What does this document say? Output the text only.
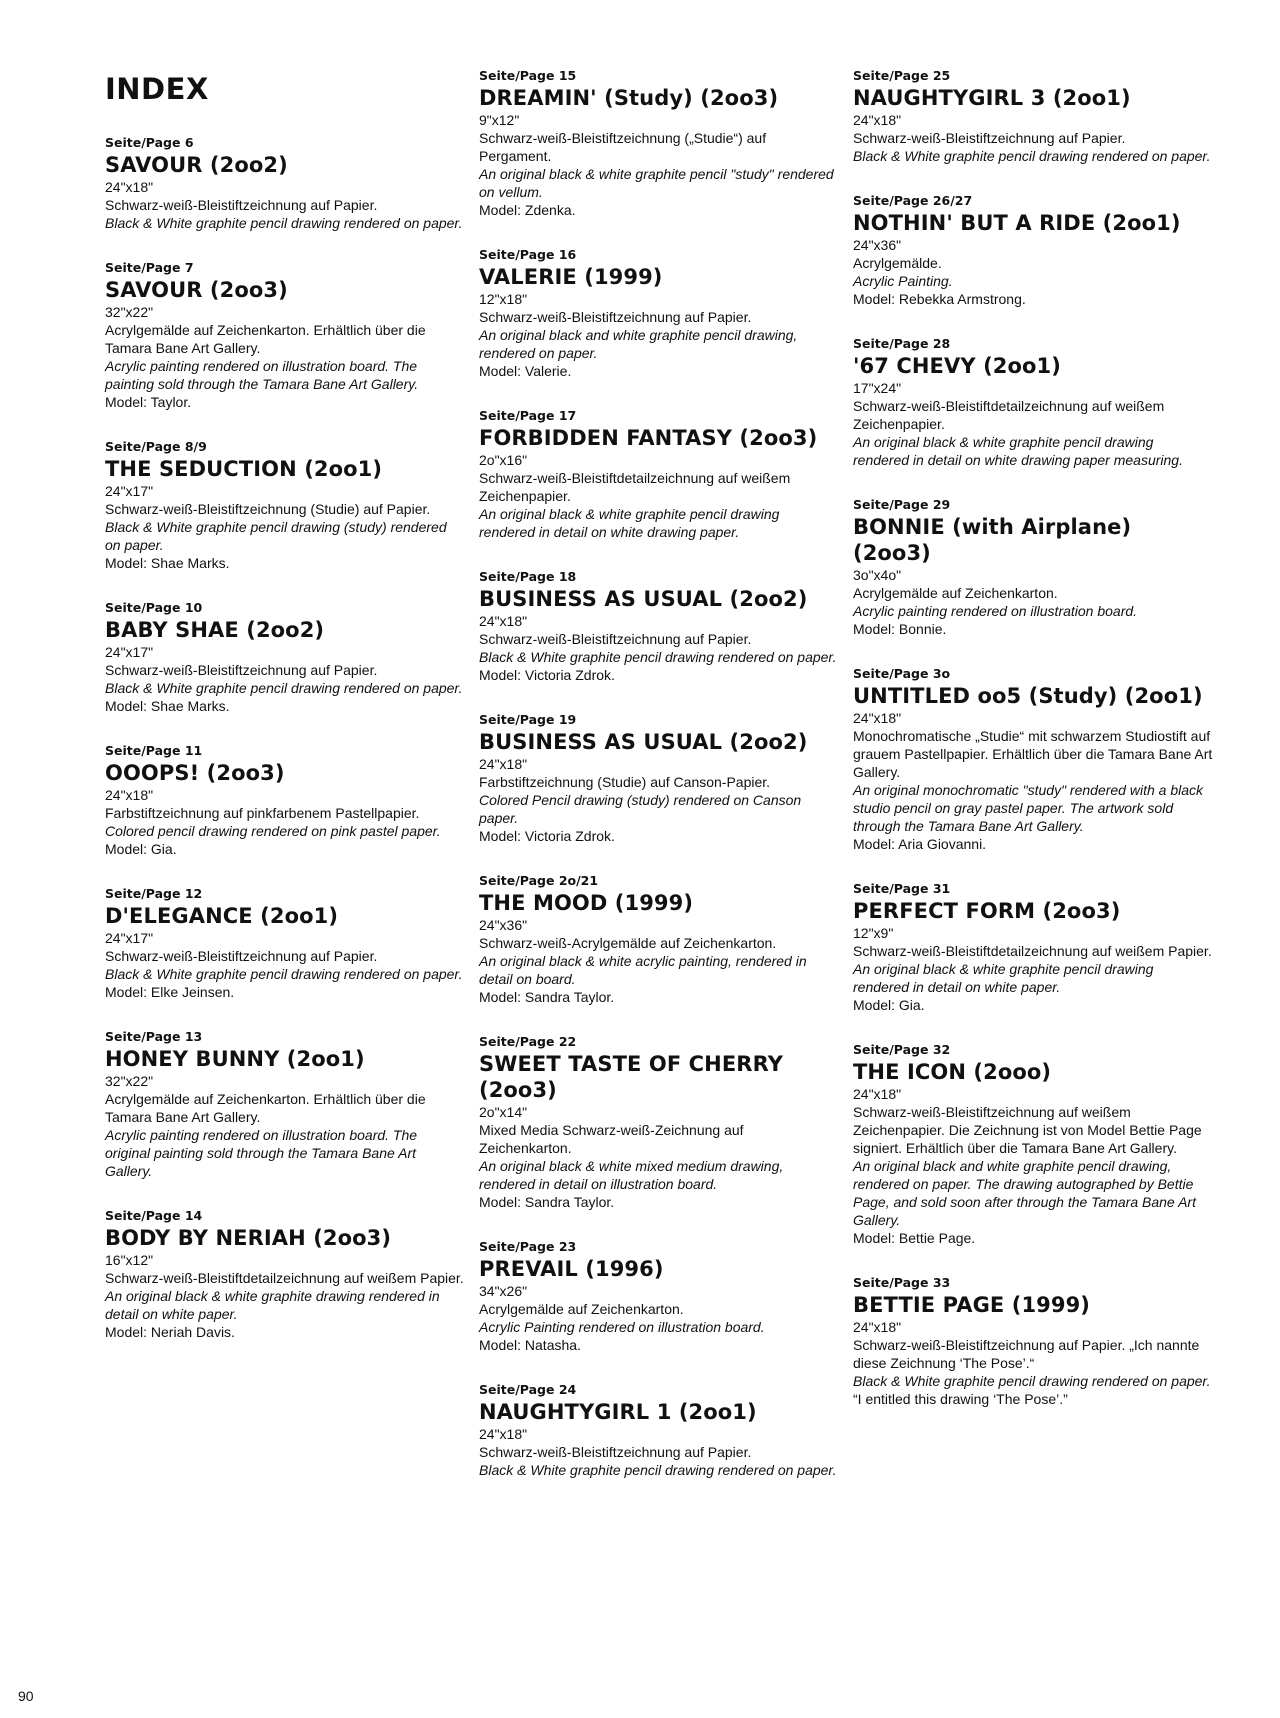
INDEX
Seite/Page 6
SAVOUR (2oo2)
24"x18"
Schwarz-weiß-Bleistiftzeichnung auf Papier.
Black & White graphite pencil drawing rendered on paper.
Seite/Page 7
SAVOUR (2oo3)
32"x22"
Acrylgemälde auf Zeichenkarton. Erhältlich über die Tamara Bane Art Gallery.
Acrylic painting rendered on illustration board. The painting sold through the Tamara Bane Art Gallery.
Model: Taylor.
Seite/Page 8/9
THE SEDUCTION (2oo1)
24"x17"
Schwarz-weiß-Bleistiftzeichnung (Studie) auf Papier.
Black & White graphite pencil drawing (study) rendered on paper.
Model: Shae Marks.
Seite/Page 10
BABY SHAE (2oo2)
24"x17"
Schwarz-weiß-Bleistiftzeichnung auf Papier.
Black & White graphite pencil drawing rendered on paper.
Model: Shae Marks.
Seite/Page 11
OOOPS! (2oo3)
24"x18"
Farbstiftzeichnung auf pinkfarbenem Pastellpapier.
Colored pencil drawing rendered on pink pastel paper.
Model: Gia.
Seite/Page 12
D'ELEGANCE (2oo1)
24"x17"
Schwarz-weiß-Bleistiftzeichnung auf Papier.
Black & White graphite pencil drawing rendered on paper.
Model: Elke Jeinsen.
Seite/Page 13
HONEY BUNNY (2oo1)
32"x22"
Acrylgemälde auf Zeichenkarton. Erhältlich über die Tamara Bane Art Gallery.
Acrylic painting rendered on illustration board. The original painting sold through the Tamara Bane Art Gallery.
Seite/Page 14
BODY BY NERIAH (2oo3)
16"x12"
Schwarz-weiß-Bleistiftdetailzeichnung auf weißem Papier.
An original black & white graphite drawing rendered in detail on white paper.
Model: Neriah Davis.
Seite/Page 15
DREAMIN' (Study) (2oo3)
9"x12"
Schwarz-weiß-Bleistiftzeichnung („Studie“) auf Pergament.
An original black & white graphite pencil "study" rendered on vellum.
Model: Zdenka.
Seite/Page 16
VALERIE (1999)
12"x18"
Schwarz-weiß-Bleistiftzeichnung auf Papier.
An original black and white graphite pencil drawing, rendered on paper.
Model: Valerie.
Seite/Page 17
FORBIDDEN FANTASY (2oo3)
2o"x16"
Schwarz-weiß-Bleistiftdetailzeichnung auf weißem Zeichenpapier.
An original black & white graphite pencil drawing rendered in detail on white drawing paper.
Seite/Page 18
BUSINESS AS USUAL (2oo2)
24"x18"
Schwarz-weiß-Bleistiftzeichnung auf Papier.
Black & White graphite pencil drawing rendered on paper.
Model: Victoria Zdrok.
Seite/Page 19
BUSINESS AS USUAL (2oo2)
24"x18"
Farbstiftzeichnung (Studie) auf Canson-Papier.
Colored Pencil drawing (study) rendered on Canson paper.
Model: Victoria Zdrok.
Seite/Page 2o/21
THE MOOD (1999)
24"x36"
Schwarz-weiß-Acrylgemälde auf Zeichenkarton.
An original black & white acrylic painting, rendered in detail on board.
Model: Sandra Taylor.
Seite/Page 22
SWEET TASTE OF CHERRY (2oo3)
2o"x14"
Mixed Media Schwarz-weiß-Zeichnung auf Zeichenkarton.
An original black & white mixed medium drawing, rendered in detail on illustration board.
Model: Sandra Taylor.
Seite/Page 23
PREVAIL (1996)
34"x26"
Acrylgemälde auf Zeichenkarton.
Acrylic Painting rendered on illustration board.
Model: Natasha.
Seite/Page 24
NAUGHTYGIRL 1 (2oo1)
24"x18"
Schwarz-weiß-Bleistiftzeichnung auf Papier.
Black & White graphite pencil drawing rendered on paper.
Seite/Page 25
NAUGHTYGIRL 3 (2oo1)
24"x18"
Schwarz-weiß-Bleistiftzeichnung auf Papier.
Black & White graphite pencil drawing rendered on paper.
Seite/Page 26/27
NOTHIN' BUT A RIDE (2oo1)
24"x36"
Acrylgemälde.
Acrylic Painting.
Model: Rebekka Armstrong.
Seite/Page 28
'67 CHEVY (2oo1)
17"x24"
Schwarz-weiß-Bleistiftdetailzeichnung auf weißem Zeichenpapier.
An original black & white graphite pencil drawing rendered in detail on white drawing paper measuring.
Seite/Page 29
BONNIE (with Airplane) (2oo3)
3o"x4o"
Acrylgemälde auf Zeichenkarton.
Acrylic painting rendered on illustration board.
Model: Bonnie.
Seite/Page 3o
UNTITLED oo5 (Study) (2oo1)
24"x18"
Monochromatische „Studie“ mit schwarzem Studiostift auf grauem Pastellpapier. Erhältlich über die Tamara Bane Art Gallery.
An original monochromatic "study" rendered with a black studio pencil on gray pastel paper. The artwork sold through the Tamara Bane Art Gallery.
Model: Aria Giovanni.
Seite/Page 31
PERFECT FORM (2oo3)
12"x9"
Schwarz-weiß-Bleistiftdetailzeichnung auf weißem Papier.
An original black & white graphite pencil drawing rendered in detail on white paper.
Model: Gia.
Seite/Page 32
THE ICON (2ooo)
24"x18"
Schwarz-weiß-Bleistiftzeichnung auf weißem Zeichenpapier. Die Zeichnung ist von Model Bettie Page signiert. Erhältlich über die Tamara Bane Art Gallery.
An original black and white graphite pencil drawing, rendered on paper. The drawing autographed by Bettie Page, and sold soon after through the Tamara Bane Art Gallery.
Model: Bettie Page.
Seite/Page 33
BETTIE PAGE (1999)
24"x18"
Schwarz-weiß-Bleistiftzeichnung auf Papier. „Ich nannte diese Zeichnung ‘The Pose’.“
Black & White graphite pencil drawing rendered on paper.
“I entitled this drawing ‘The Pose’.”
90
